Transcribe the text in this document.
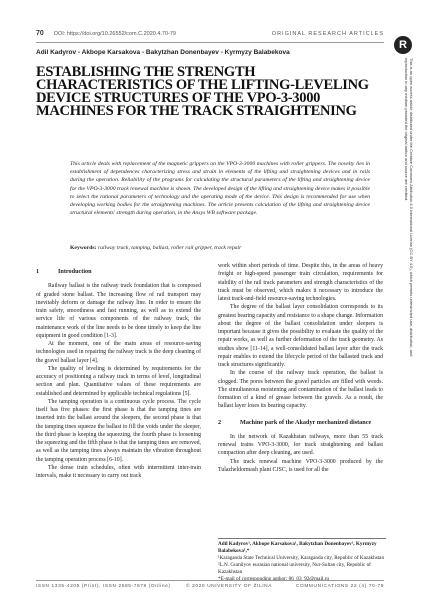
70 DOI: https://doi.org/10.26552/com.C.2020.4.70-79	ORIGINAL RESEARCH ARTICLES
Adil Kadyrov - Akbope Karsakova - Bakytzhan Donenbayev - Kyrmyzy Balabekova
ESTABLISHING THE STRENGTH CHARACTERISTICS OF THE LIFTING-LEVELING DEVICE STRUCTURES OF THE VPO-3-3000 MACHINES FOR THE TRACK STRAIGHTENING

This article deals with replacement of the magnetic grippers on the VPO-3-3000 machines with roller grippers. The novelty lies in establishment of dependences characterizing stress and strain in elements of the lifting and straightening devices and in rails during the operation. Reliability of the programs for calculating the structural parameters of the lifting and straightening device for the VPO-3-3000 track renewal machine is shown. The developed design of the lifting and straightening device makes it possible to select the rational parameters of technology and the operating mode of the device. This design is recommended for use when developing working bodies for the straightening machines. The article presents calculation of the lifting and straightening device structural elements' strength during operation, in the Ansys WB software package.

Keywords: railway track, tamping, ballast, roller rail gripper, track repair
1	Introduction

Railway ballast is the railway track foundation that is composed of graded stone ballast. The increasing flow of rail transport may inevitably deform or damage the railway line. In order to ensure the train safety, smoothness and fast running, as well as to extend the service life of various components of the railway track, the maintenance work of the line needs to be done timely to keep the line equipment in good condition [1-3].

At the moment, one of the main areas of resource-saving technologies used in repairing the railway track is the deep cleaning of the gravel ballast layer [4].

The quality of leveling is determined by requirements for the accuracy of positioning a railway track in terms of level, longitudinal section and plan. Quantitative values of these requirements are established and determined by applicable technical regulations [5].

The tamping operation is a continuous cycle process. The cycle itself has five phases: the first phase is that the tamping tines are inserted into the ballast around the sleepers, the second phase is that the tamping tines squeeze the ballast to fill the voids under the sleeper, the third phase is keeping the squeezing, the fourth phase is loosening the squeezing and the fifth phase is that the tamping tines are removed, as well as the tamping tines always maintain the vibration throughout the tamping operation process [6-10].

The dense train schedules, often with intermittent inter-train intervals, make it necessary to carry out track

work within short periods of time. Despite this, in the areas of heavy freight or high-speed passenger train circulation, requirements for stability of the rail track parameters and strength characteristics of the track must be observed, which makes it necessary to introduce the latest track-and-field resource-saving technologies.

The degree of the ballast layer consolidation corresponds to its greatest bearing capacity and resistance to a shape change. Information about the degree of the ballast consolidation under sleepers is important because it gives the possibility to evaluate the quality of the repair works, as well as further deformation of the track geometry. As studies show [11-14], a well-consolidated ballast layer after the track repair enables to extend the lifecycle period of the ballasted track and track structures significantly.

In the course of the railway track operation, the ballast is clogged. The pores between the gravel particles are filled with weeds. The simultaneous moistening and contamination of the ballast leads to formation of a kind of grease between the gravels. As a result, the ballast layer loses its bearing capacity.

2	Machine park of the Akadyr mechanized distance

In the network of Kazakhstan railways, more than 55 track renewal trains VPO-3-3000, for track straightening and ballast compaction after deep cleaning, are used.

The track renewal machine VPO-3-3000 produced by the Tulazheldormash plant CJSC, is used for all the

Adil Kadyrov¹, Akbope Karsakova¹, Bakytzhan Donenbayev¹, Kyrmyzy Balabekova¹,*
¹Karaganda State Technical University, Karaganda city, Republic of Kazakhstan
²L.N. Gumilyov eurasian national university, Nur-Sultan city, Republic of Kazakhstan
*E-mail of corresponding author: 06_03_92@mail.ru
ISSN 1335-4205 (Print), ISSN 2585-7878 (Online)	© 2020 UNIVERSITY OF ŽILINA	COMMUNICATIONS 22 (4) 70-79
R
This is an open access article distributed under the Creative Commons Attribution 4.0 International License (CC BY 4.0), which permits unrestricted use, distribution, and reproduction in any medium provided the original author and source are credited.
